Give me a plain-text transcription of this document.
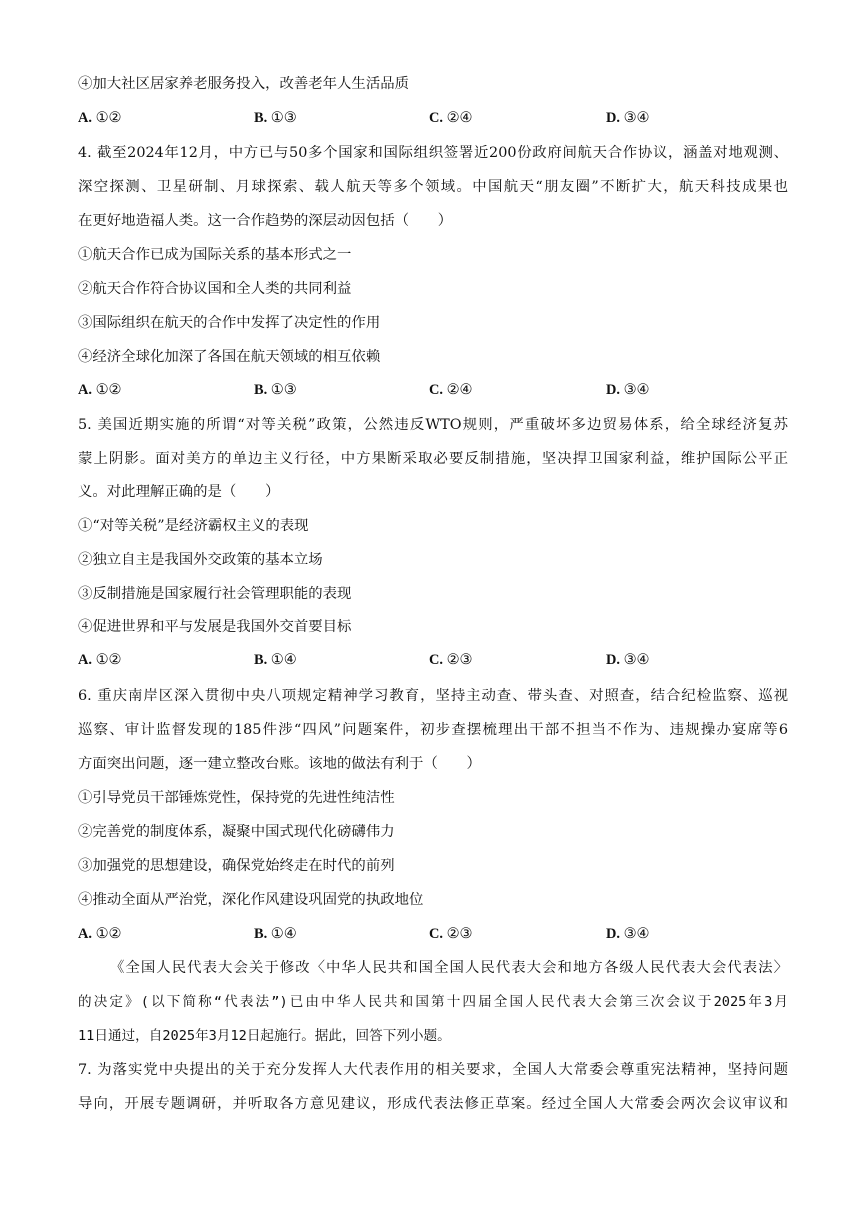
④加大社区居家养老服务投入，改善老年人生活品质
A. ①②	B. ①③	C. ②④	D. ③④
4. 截至2024年12月，中方已与50多个国家和国际组织签署近200份政府间航天合作协议，涵盖对地观测、
深空探测、卫星研制、月球探索、载人航天等多个领域。中国航天“朋友圈”不断扩大，航天科技成果也
在更好地造福人类。这一合作趋势的深层动因包括（　　）
①航天合作已成为国际关系的基本形式之一
②航天合作符合协议国和全人类的共同利益
③国际组织在航天的合作中发挥了决定性的作用
④经济全球化加深了各国在航天领域的相互依赖
A. ①②	B. ①③	C. ②④	D. ③④
5. 美国近期实施的所谓“对等关税”政策，公然违反WTO规则，严重破坏多边贸易体系，给全球经济复苏
蒙上阴影。面对美方的单边主义行径，中方果断采取必要反制措施，坚决捍卫国家利益，维护国际公平正
义。对此理解正确的是（　　）
①“对等关税”是经济霸权主义的表现
②独立自主是我国外交政策的基本立场
③反制措施是国家履行社会管理职能的表现
④促进世界和平与发展是我国外交首要目标
A. ①②	B. ①④	C. ②③	D. ③④
6. 重庆南岸区深入贯彻中央八项规定精神学习教育，坚持主动查、带头查、对照查，结合纪检监察、巡视
巡察、审计监督发现的185件涉“四风”问题案件，初步查摆梳理出干部不担当不作为、违规操办宴席等6
方面突出问题，逐一建立整改台账。该地的做法有利于（　　）
①引导党员干部锤炼党性，保持党的先进性纯洁性
②完善党的制度体系，凝聚中国式现代化磅礴伟力
③加强党的思想建设，确保党始终走在时代的前列
④推动全面从严治党，深化作风建设巩固党的执政地位
A. ①②	B. ①④	C. ②③	D. ③④
《全国人民代表大会关于修改〈中华人民共和国全国人民代表大会和地方各级人民代表大会代表法〉
的决定》(以下简称“代表法”)已由中华人民共和国第十四届全国人民代表大会第三次会议于2025年3月
11日通过，自2025年3月12日起施行。据此，回答下列小题。
7. 为落实党中央提出的关于充分发挥人大代表作用的相关要求，全国人大常委会尊重宪法精神，坚持问题
导向，开展专题调研，并听取各方意见建议，形成代表法修正草案。经过全国人大常委会两次会议审议和
